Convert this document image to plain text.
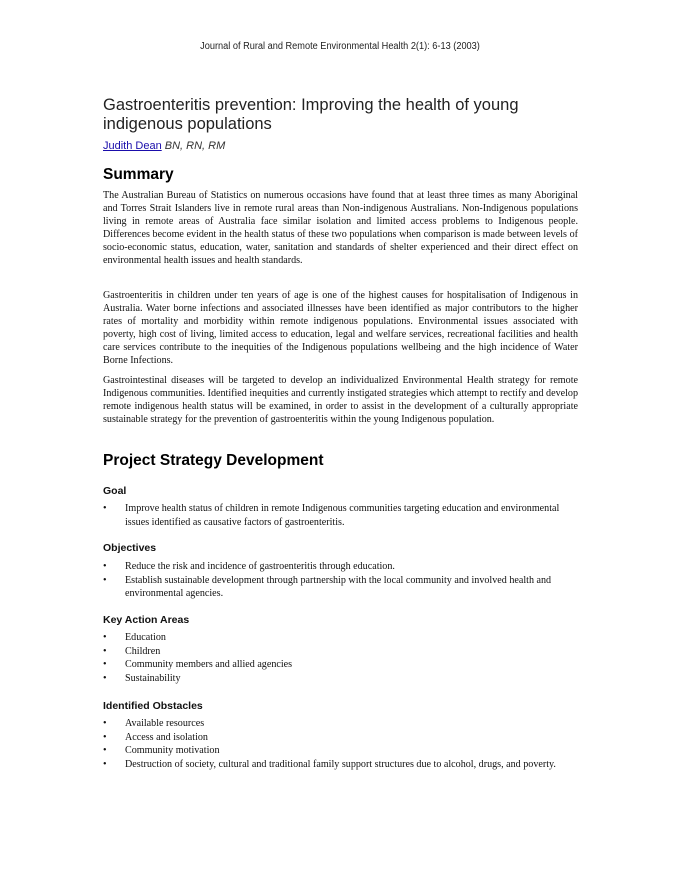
Journal of Rural and Remote Environmental Health 2(1): 6-13 (2003)
Gastroenteritis prevention: Improving the health of young indigenous populations
Judith Dean BN, RN, RM
Summary

The Australian Bureau of Statistics on numerous occasions have found that at least three times as many Aboriginal and Torres Strait Islanders live in remote rural areas than Non-indigenous Australians. Non-Indigenous populations living in remote areas of Australia face similar isolation and limited access problems to Indigenous people. Differences become evident in the health status of these two populations when comparison is made between levels of socio-economic status, education, water, sanitation and standards of shelter experienced and their direct effect on environmental health issues and health standards.

Gastroenteritis in children under ten years of age is one of the highest causes for hospitalisation of Indigenous in Australia. Water borne infections and associated illnesses have been identified as major contributors to the higher rates of mortality and morbidity within remote indigenous populations. Environmental issues associated with poverty, high cost of living, limited access to education, legal and welfare services, recreational facilities and health care services contribute to the inequities of the Indigenous populations wellbeing and the high incidence of Water Borne Infections.

Gastrointestinal diseases will be targeted to develop an individualized Environmental Health strategy for remote Indigenous communities. Identified inequities and currently instigated strategies which attempt to rectify and develop remote indigenous health status will be examined, in order to assist in the development of a culturally appropriate sustainable strategy for the prevention of gastroenteritis within the young Indigenous population.

Project Strategy Development
Goal
• Improve health status of children in remote Indigenous communities targeting education and environmental issues identified as causative factors of gastroenteritis.
Objectives
• Reduce the risk and incidence of gastroenteritis through education.
• Establish sustainable development through partnership with the local community and involved health and environmental agencies.
Key Action Areas
• Education
• Children
• Community members and allied agencies
• Sustainability
Identified Obstacles
• Available resources
• Access and isolation
• Community motivation
• Destruction of society, cultural and traditional family support structures due to alcohol, drugs, and poverty.
